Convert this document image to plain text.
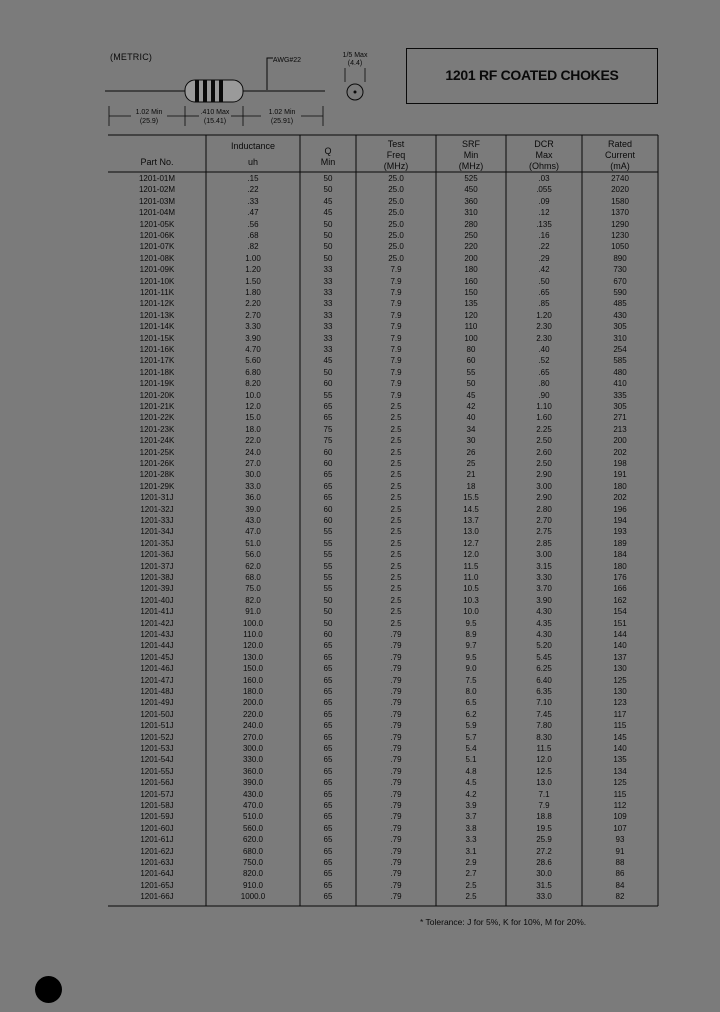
(METRIC)	AWG#22
1/5 Max
(4.4)
1.02 Min
(25.9)
.410 Max
(15.41)
1.02 Min
(25.91)
1201 RF COATED CHOKES
Part No.
Inductance
uh
Q
Min
Test
Freq
(MHz)
SRF
Min
(MHz)
DCR
Max
(Ohms)
Rated
Current
(mA)
1201-01M	.15	50	25.0	525	.03	2740
1201-02M	.22	50	25.0	450	.055	2020
1201-03M	.33	45	25.0	360	.09	1580
1201-04M	.47	45	25.0	310	.12	1370
1201-05K	.56	50	25.0	280	.135	1290
1201-06K	.68	50	25.0	250	.16	1230
1201-07K	.82	50	25.0	220	.22	1050
1201-08K	1.00	50	25.0	200	.29	890
1201-09K	1.20	33	7.9	180	.42	730
1201-10K	1.50	33	7.9	160	.50	670
1201-11K	1.80	33	7.9	150	.65	590
1201-12K	2.20	33	7.9	135	.85	485
1201-13K	2.70	33	7.9	120	1.20	430
1201-14K	3.30	33	7.9	110	2.30	305
1201-15K	3.90	33	7.9	100	2.30	310
1201-16K	4.70	33	7.9	80	.40	254
1201-17K	5.60	45	7.9	60	.52	585
1201-18K	6.80	50	7.9	55	.65	480
1201-19K	8.20	60	7.9	50	.80	410
1201-20K	10.0	55	7.9	45	.90	335
1201-21K	12.0	65	2.5	42	1.10	305
1201-22K	15.0	65	2.5	40	1.60	271
1201-23K	18.0	75	2.5	34	2.25	213
1201-24K	22.0	75	2.5	30	2.50	200
1201-25K	24.0	60	2.5	26	2.60	202
1201-26K	27.0	60	2.5	25	2.50	198
1201-28K	30.0	65	2.5	21	2.90	191
1201-29K	33.0	65	2.5	18	3.00	180
1201-31J	36.0	65	2.5	15.5	2.90	202
1201-32J	39.0	60	2.5	14.5	2.80	196
1201-33J	43.0	60	2.5	13.7	2.70	194
1201-34J	47.0	55	2.5	13.0	2.75	193
1201-35J	51.0	55	2.5	12.7	2.85	189
1201-36J	56.0	55	2.5	12.0	3.00	184
1201-37J	62.0	55	2.5	11.5	3.15	180
1201-38J	68.0	55	2.5	11.0	3.30	176
1201-39J	75.0	55	2.5	10.5	3.70	166
1201-40J	82.0	50	2.5	10.3	3.90	162
1201-41J	91.0	50	2.5	10.0	4.30	154
1201-42J	100.0	50	2.5	9.5	4.35	151
1201-43J	110.0	60	.79	8.9	4.30	144
1201-44J	120.0	65	.79	9.7	5.20	140
1201-45J	130.0	65	.79	9.5	5.45	137
1201-46J	150.0	65	.79	9.0	6.25	130
1201-47J	160.0	65	.79	7.5	6.40	125
1201-48J	180.0	65	.79	8.0	6.35	130
1201-49J	200.0	65	.79	6.5	7.10	123
1201-50J	220.0	65	.79	6.2	7.45	117
1201-51J	240.0	65	.79	5.9	7.80	115
1201-52J	270.0	65	.79	5.7	8.30	145
1201-53J	300.0	65	.79	5.4	11.5	140
1201-54J	330.0	65	.79	5.1	12.0	135
1201-55J	360.0	65	.79	4.8	12.5	134
1201-56J	390.0	65	.79	4.5	13.0	125
1201-57J	430.0	65	.79	4.2	7.1	115
1201-58J	470.0	65	.79	3.9	7.9	112
1201-59J	510.0	65	.79	3.7	18.8	109
1201-60J	560.0	65	.79	3.8	19.5	107
1201-61J	620.0	65	.79	3.3	25.9	93
1201-62J	680.0	65	.79	3.1	27.2	91
1201-63J	750.0	65	.79	2.9	28.6	88
1201-64J	820.0	65	.79	2.7	30.0	86
1201-65J	910.0	65	.79	2.5	31.5	84
1201-66J	1000.0	65	.79	2.5	33.0	82
* Tolerance: J for 5%, K for 10%, M for 20%.
